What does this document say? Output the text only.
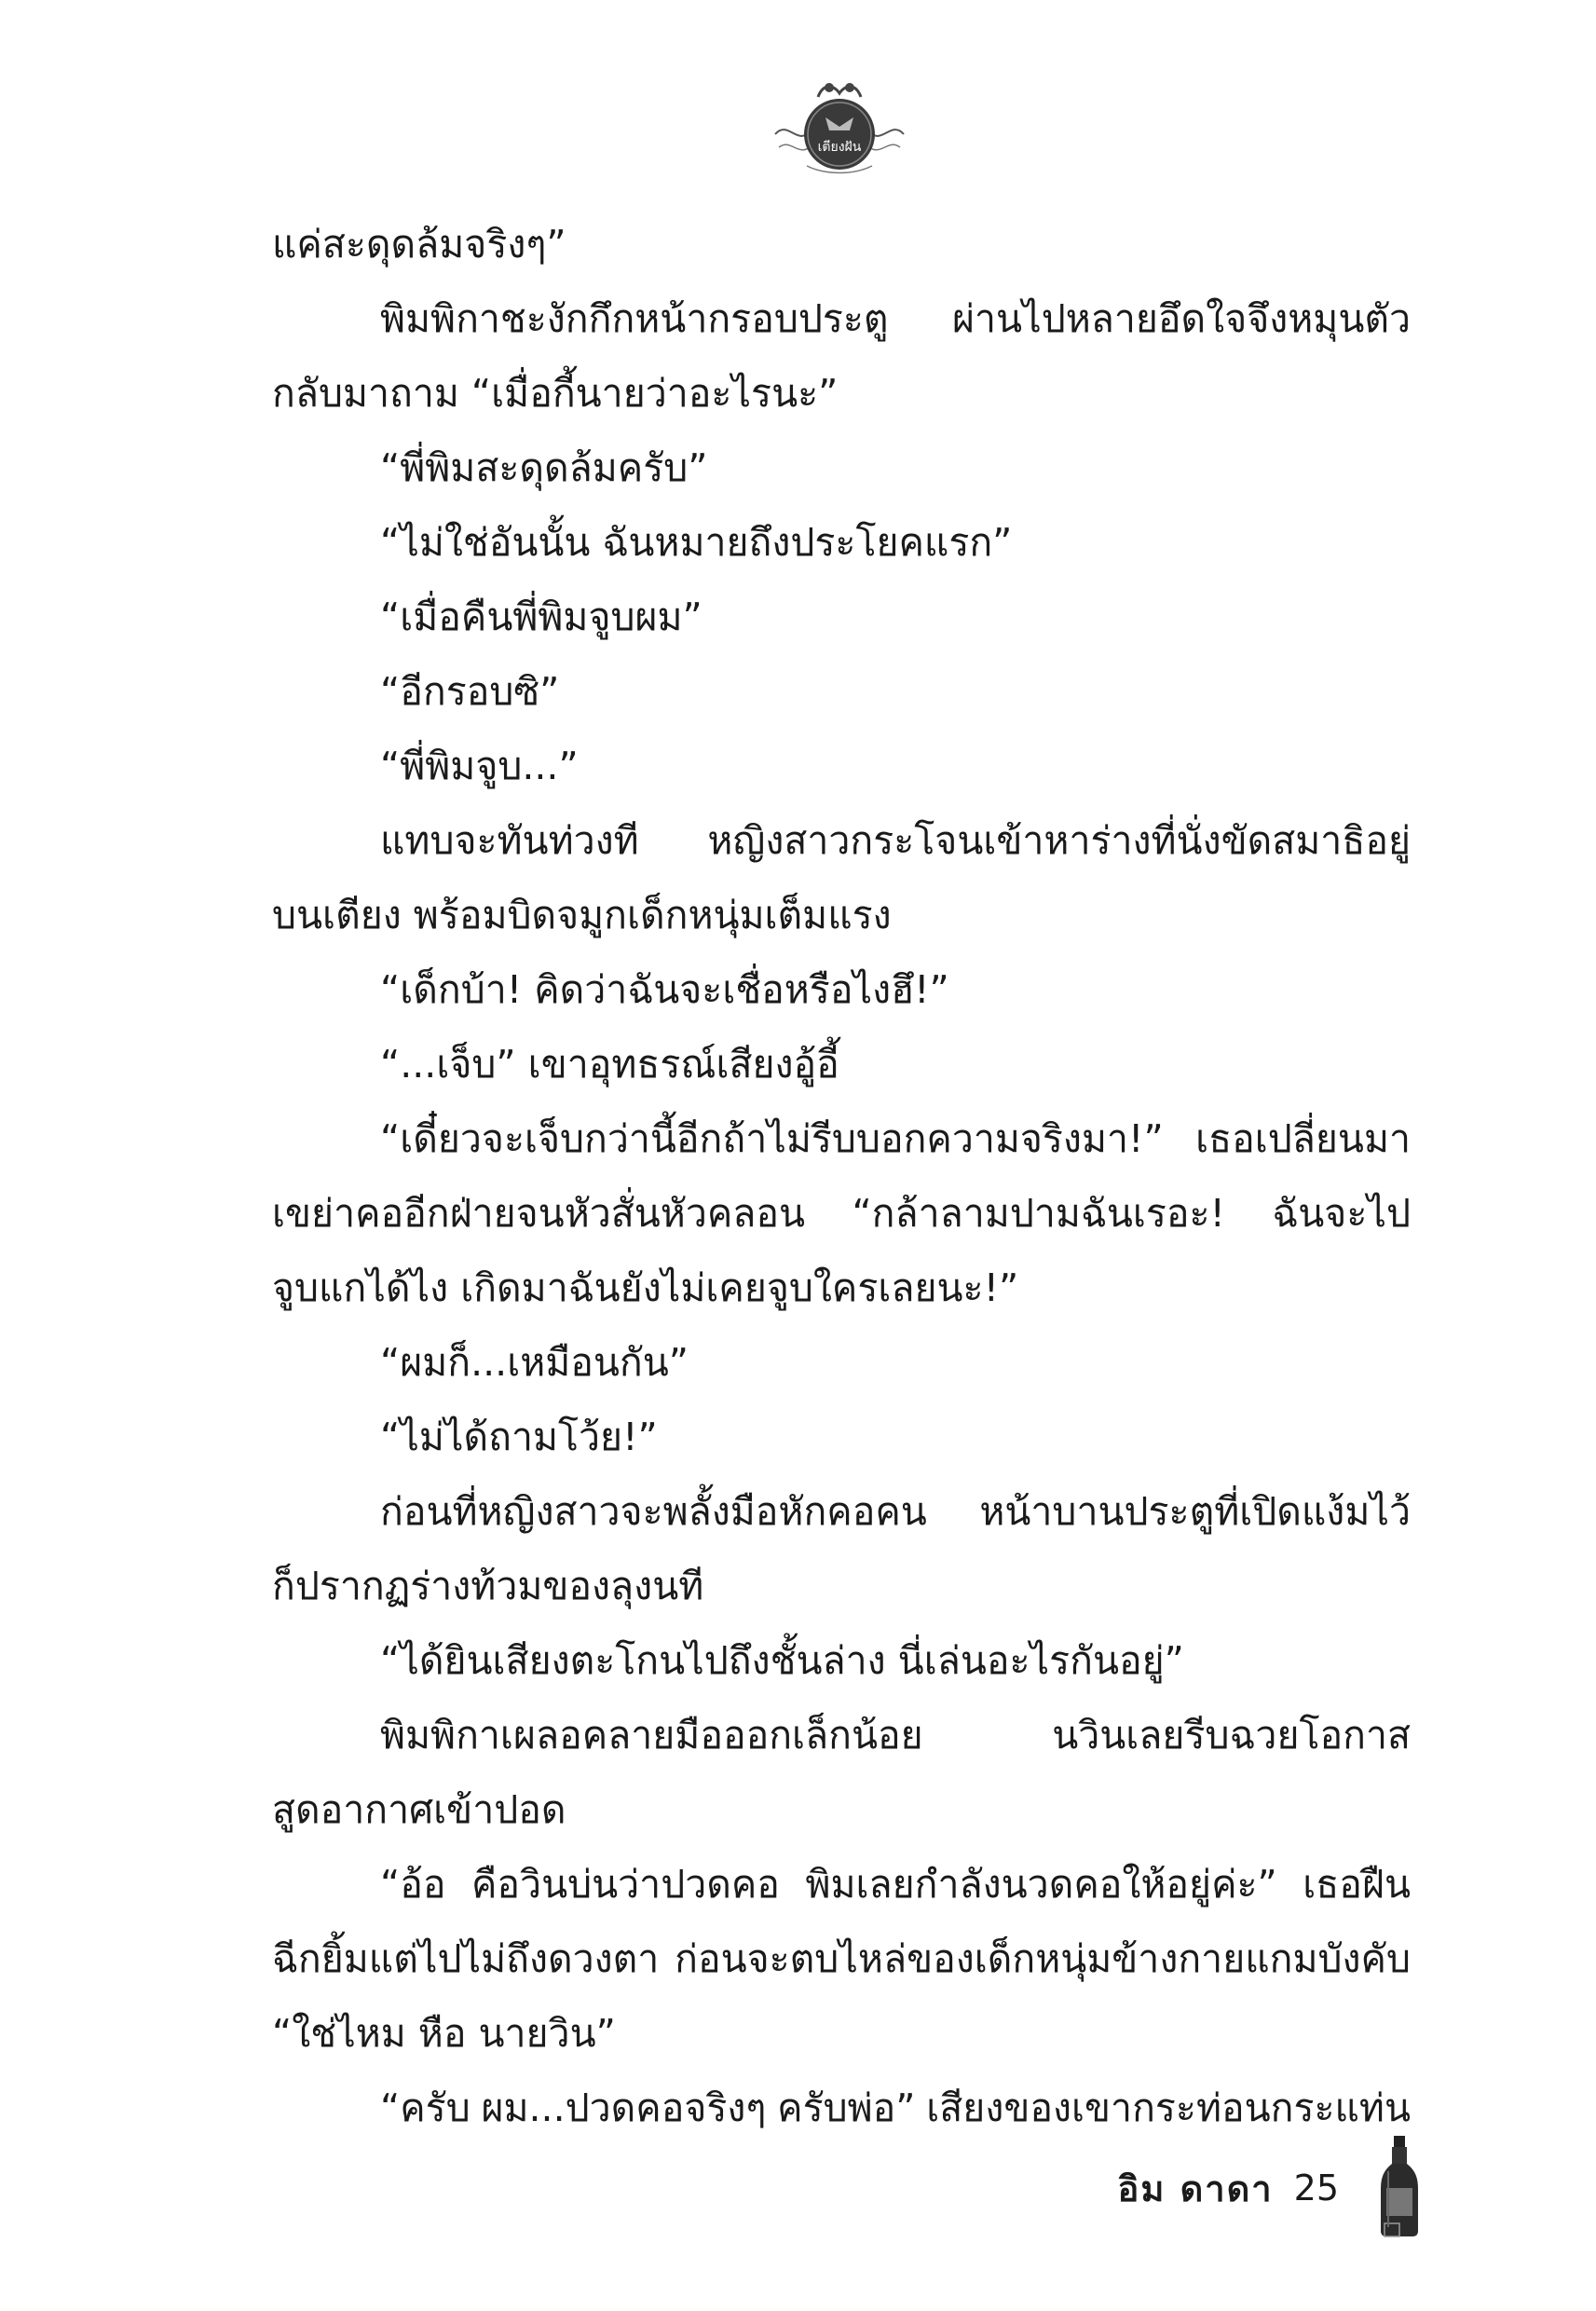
เตียงฝัน
แค่สะดุดล้มจริงๆ”
พิมพิกาชะงักกึกหน้ากรอบประตู ผ่านไปหลายอึดใจจึงหมุนตัว
กลับมาถาม “เมื่อกี้นายว่าอะไรนะ”
“พี่พิมสะดุดล้มครับ”
“ไม่ใช่อันนั้น ฉันหมายถึงประโยคแรก”
“เมื่อคืนพี่พิมจูบผม”
“อีกรอบซิ”
“พี่พิมจูบ...”
แทบจะทันท่วงที หญิงสาวกระโจนเข้าหาร่างที่นั่งขัดสมาธิอยู่
บนเตียง พร้อมบิดจมูกเด็กหนุ่มเต็มแรง
“เด็กบ้า! คิดว่าฉันจะเชื่อหรือไงฮึ!”
“...เจ็บ” เขาอุทธรณ์เสียงอู้อี้
“เดี๋ยวจะเจ็บกว่านี้อีกถ้าไม่รีบบอกความจริงมา!” เธอเปลี่ยนมา
เขย่าคออีกฝ่ายจนหัวสั่นหัวคลอน “กล้าลามปามฉันเรอะ! ฉันจะไป
จูบแกได้ไง เกิดมาฉันยังไม่เคยจูบใครเลยนะ!”
“ผมก็...เหมือนกัน”
“ไม่ได้ถามโว้ย!”
ก่อนที่หญิงสาวจะพลั้งมือหักคอคน หน้าบานประตูที่เปิดแง้มไว้
ก็ปรากฏร่างท้วมของลุงนที
“ได้ยินเสียงตะโกนไปถึงชั้นล่าง นี่เล่นอะไรกันอยู่”
พิมพิกาเผลอคลายมือออกเล็กน้อย	นวินเลยรีบฉวยโอกาส
สูดอากาศเข้าปอด
“อ้อ คือวินบ่นว่าปวดคอ พิมเลยกำลังนวดคอให้อยู่ค่ะ” เธอฝืน
ฉีกยิ้มแต่ไปไม่ถึงดวงตา ก่อนจะตบไหล่ของเด็กหนุ่มข้างกายแกมบังคับ
“ใช่ไหม หือ นายวิน”
“ครับ ผม...ปวดคอจริงๆ ครับพ่อ” เสียงของเขากระท่อนกระแท่น
อิม ดาดา 25
